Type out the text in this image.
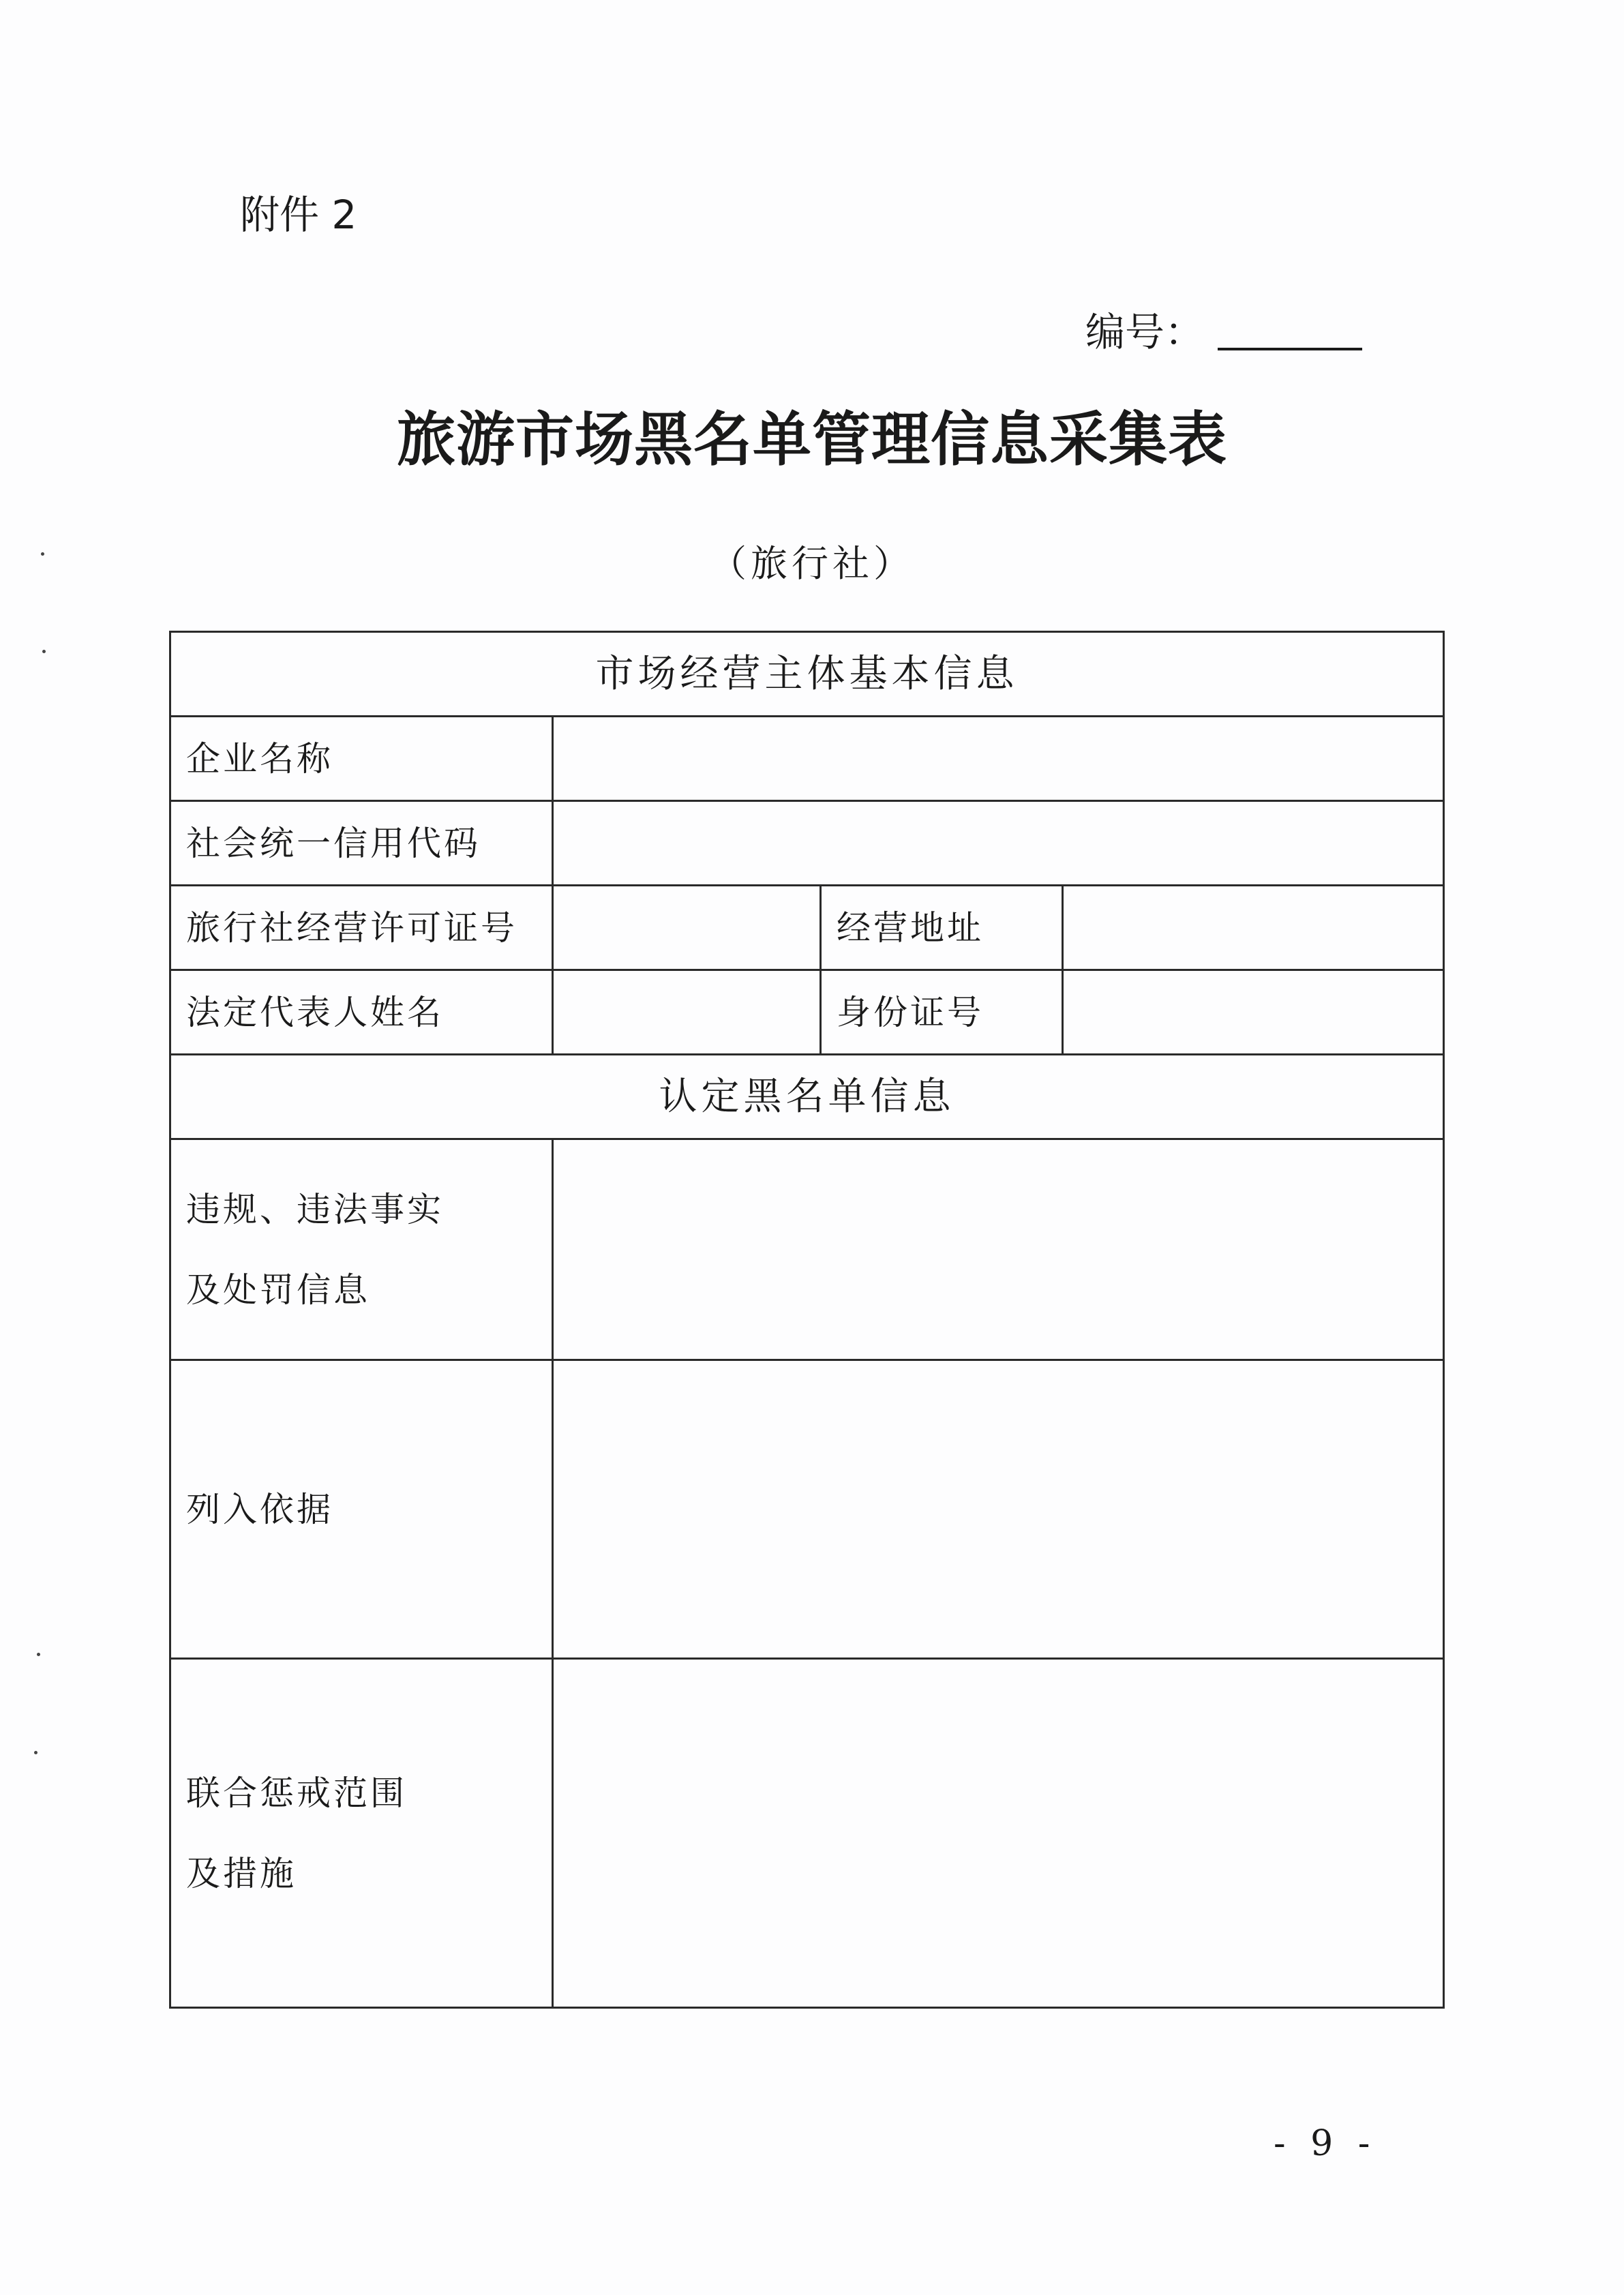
附件 2
编号：
旅游市场黑名单管理信息采集表
（旅行社）
市场经营主体基本信息			
企业名称			
社会统一信用代码			
旅行社经营许可证号		经营地址	
法定代表人姓名		身份证号	
认定黑名单信息			

违规、违法事实
及处罚信息			

列入依据			

联合惩戒范围
及措施			

- 9 -
